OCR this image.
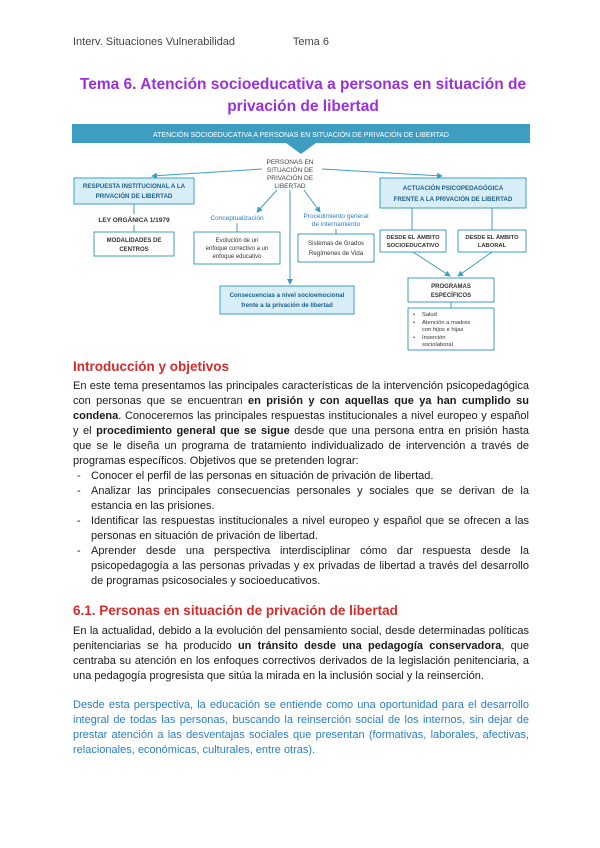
Interv. Situaciones Vulnerabilidad	Tema 6
Tema 6. Atención socioeducativa a personas en situación de privación de libertad
ATENCIÓN SOCIOEDUCATIVA A PERSONAS EN SITUACIÓN DE PRIVACIÓN DE LIBERTAD
PERSONAS EN
SITUACIÓN DE
PRIVACIÓN DE
LIBERTAD
RESPUESTA INSTITUCIONAL A LA
PRIVACIÓN DE LIBERTAD
LEY ORGÁNICA 1/1979
MODALIDADES DE
CENTROS
Conceptualización
Evolución de un
enfoque correctivo a un
enfoque educativo
Procedimiento general
de internamiento
Sistemas de Grados
Regímenes de Vida
Consecuencias a nivel socioemocional
frente a la privación de libertad
ACTUACIÓN PSICOPEDAGÓGICA
FRENTE A LA PRIVACIÓN DE LIBERTAD
DESDE EL ÁMBITO
SOCIOEDUCATIVO
DESDE EL ÁMBITO
LABORAL
PROGRAMAS
ESPECÍFICOS
• Salud
• Atención a madres
con hijos e hijas
• Inserción
sociolaboral
Introducción y objetivos
En este tema presentamos las principales características de la intervención psicopedagógica con personas que se encuentran en prisión y con aquellas que ya han cumplido su condena. Conoceremos las principales respuestas institucionales a nivel europeo y español y el procedimiento general que se sigue desde que una persona entra en prisión hasta que se le diseña un programa de tratamiento individualizado de intervención a través de programas específicos. Objetivos que se pretenden lograr:
- Conocer el perfil de las personas en situación de privación de libertad.
- Analizar las principales consecuencias personales y sociales que se derivan de la estancia en las prisiones.
- Identificar las respuestas institucionales a nivel europeo y español que se ofrecen a las personas en situación de privación de libertad.
- Aprender desde una perspectiva interdisciplinar cómo dar respuesta desde la psicopedagogía a las personas privadas y ex privadas de libertad a través del desarrollo de programas psicosociales y socioeducativos.
6.1. Personas en situación de privación de libertad
En la actualidad, debido a la evolución del pensamiento social, desde determinadas políticas penitenciarias se ha producido un tránsito desde una pedagogía conservadora, que centraba su atención en los enfoques correctivos derivados de la legislación penitenciaria, a una pedagogía progresista que sitúa la mirada en la inclusión social y la reinserción.
Desde esta perspectiva, la educación se entiende como una oportunidad para el desarrollo integral de todas las personas, buscando la reinserción social de los internos, sin dejar de prestar atención a las desventajas sociales que presentan (formativas, laborales, afectivas, relacionales, económicas, culturales, entre otras).
